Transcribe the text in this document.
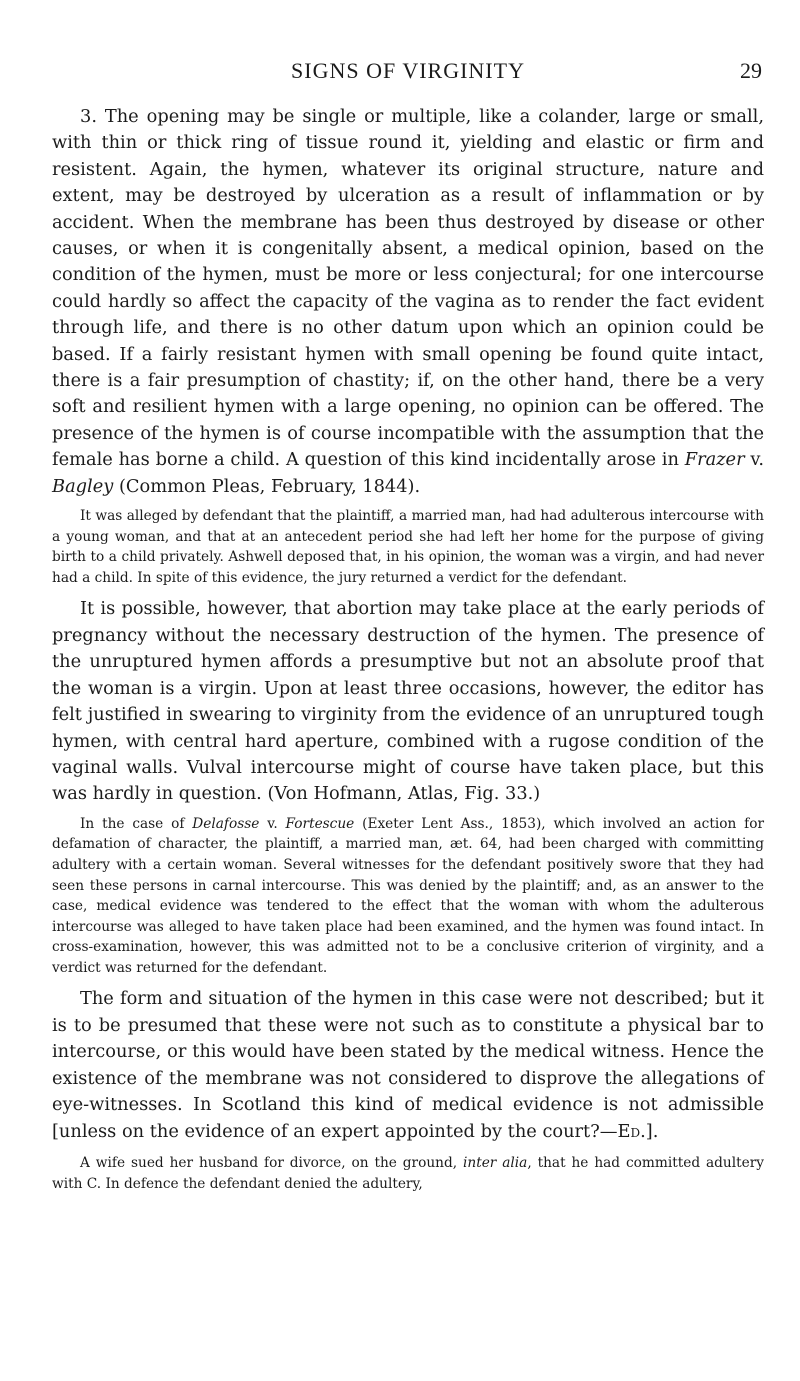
SIGNS OF VIRGINITY	29

3. The opening may be single or multiple, like a colander, large or small, with thin or thick ring of tissue round it, yielding and elastic or firm and resistent. Again, the hymen, whatever its original structure, nature and extent, may be destroyed by ulceration as a result of inflammation or by accident. When the membrane has been thus destroyed by disease or other causes, or when it is congenitally absent, a medical opinion, based on the condition of the hymen, must be more or less conjectural; for one intercourse could hardly so affect the capacity of the vagina as to render the fact evident through life, and there is no other datum upon which an opinion could be based. If a fairly resistant hymen with small opening be found quite intact, there is a fair presumption of chastity; if, on the other hand, there be a very soft and resilient hymen with a large opening, no opinion can be offered. The presence of the hymen is of course incompatible with the assumption that the female has borne a child. A question of this kind incidentally arose in Frazer v. Bagley (Common Pleas, February, 1844).

It was alleged by defendant that the plaintiff, a married man, had had adulterous intercourse with a young woman, and that at an antecedent period she had left her home for the purpose of giving birth to a child privately. Ashwell deposed that, in his opinion, the woman was a virgin, and had never had a child. In spite of this evidence, the jury returned a verdict for the defendant.

It is possible, however, that abortion may take place at the early periods of pregnancy without the necessary destruction of the hymen. The presence of the unruptured hymen affords a presumptive but not an absolute proof that the woman is a virgin. Upon at least three occasions, however, the editor has felt justified in swearing to virginity from the evidence of an unruptured tough hymen, with central hard aperture, combined with a rugose condition of the vaginal walls. Vulval intercourse might of course have taken place, but this was hardly in question. (Von Hofmann, Atlas, Fig. 33.)

In the case of Delafosse v. Fortescue (Exeter Lent Ass., 1853), which involved an action for defamation of character, the plaintiff, a married man, æt. 64, had been charged with committing adultery with a certain woman. Several witnesses for the defendant positively swore that they had seen these persons in carnal intercourse. This was denied by the plaintiff; and, as an answer to the case, medical evidence was tendered to the effect that the woman with whom the adulterous intercourse was alleged to have taken place had been examined, and the hymen was found intact. In cross-examination, however, this was admitted not to be a conclusive criterion of virginity, and a verdict was returned for the defendant.

The form and situation of the hymen in this case were not described; but it is to be presumed that these were not such as to constitute a physical bar to intercourse, or this would have been stated by the medical witness. Hence the existence of the membrane was not considered to disprove the allegations of eye-witnesses. In Scotland this kind of medical evidence is not admissible [unless on the evidence of an expert appointed by the court?—Ed.].

A wife sued her husband for divorce, on the ground, inter alia, that he had committed adultery with C. In defence the defendant denied the adultery,
